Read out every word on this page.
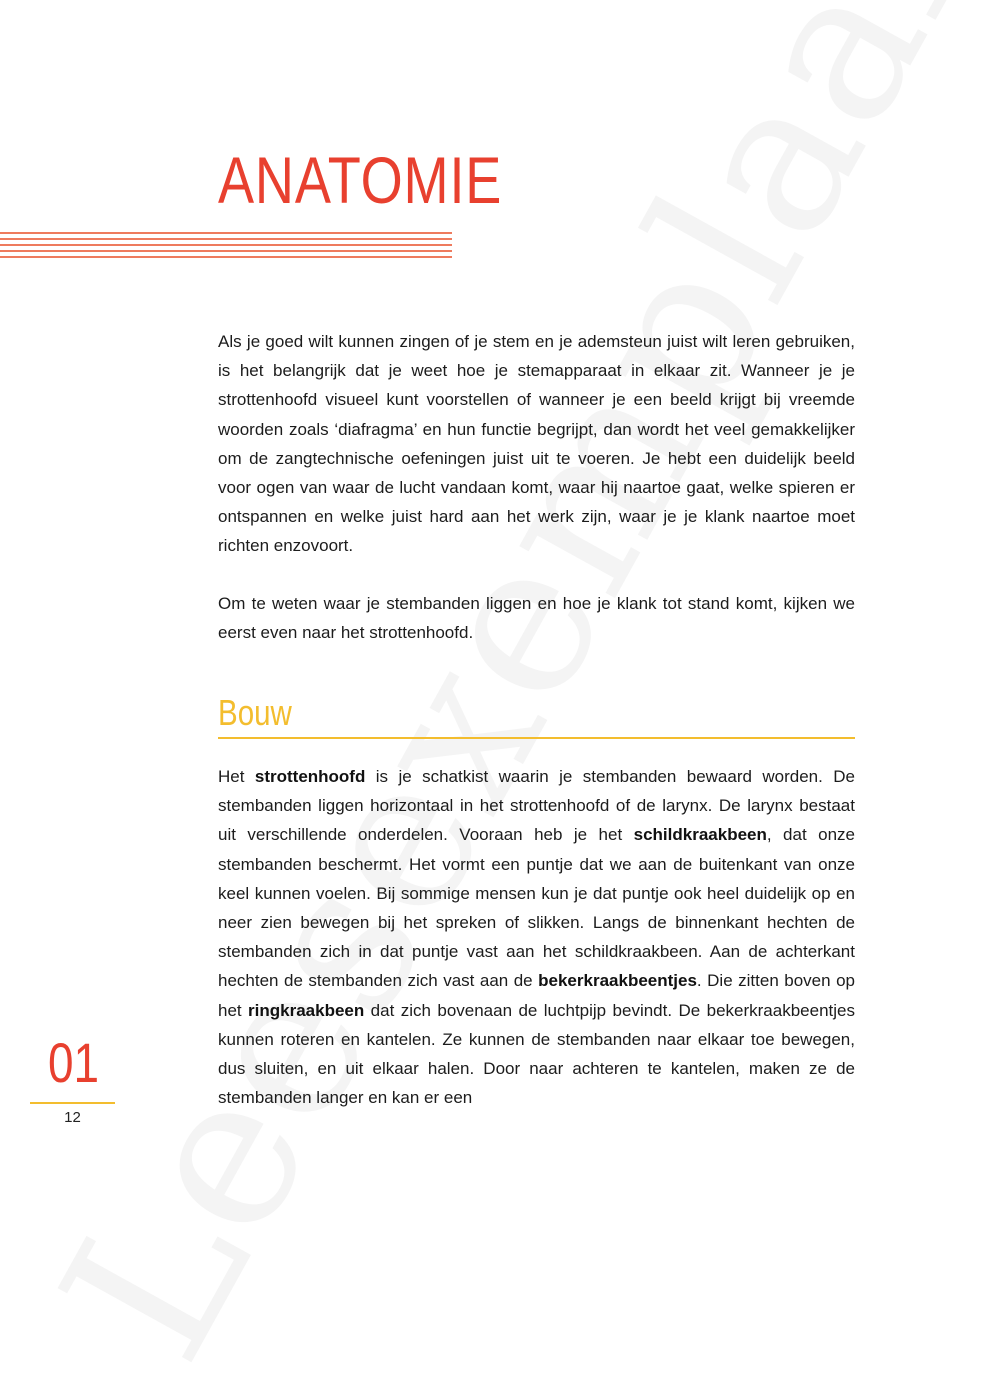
ANATOMIE

Als je goed wilt kunnen zingen of je stem en je ademsteun juist wilt leren gebruiken, is het belangrijk dat je weet hoe je stemapparaat in elkaar zit. Wanneer je je strottenhoofd visueel kunt voorstellen of wanneer je een beeld krijgt bij vreemde woorden zoals ‘diafragma’ en hun functie begrijpt, dan wordt het veel gemakkelijker om de zangtechnische oefeningen juist uit te voeren. Je hebt een duidelijk beeld voor ogen van waar de lucht vandaan komt, waar hij naartoe gaat, welke spieren er ontspannen en welke juist hard aan het werk zijn, waar je je klank naartoe moet richten enzovoort.

Om te weten waar je stembanden liggen en hoe je klank tot stand komt, kijken we eerst even naar het strottenhoofd.

Bouw

Het strottenhoofd is je schatkist waarin je stembanden bewaard worden. De stembanden liggen horizontaal in het strottenhoofd of de larynx. De larynx bestaat uit verschillende onderdelen. Vooraan heb je het schildkraakbeen, dat onze stembanden beschermt. Het vormt een puntje dat we aan de buitenkant van onze keel kunnen voelen. Bij sommige mensen kun je dat puntje ook heel duidelijk op en neer zien bewegen bij het spreken of slikken. Langs de binnenkant hechten de stembanden zich in dat puntje vast aan het schildkraakbeen. Aan de achterkant hechten de stembanden zich vast aan de bekerkraakbeentjes. Die zitten boven op het ringkraakbeen dat zich bovenaan de luchtpijp bevindt. De bekerkraakbeentjes kunnen roteren en kantelen. Ze kunnen de stembanden naar elkaar toe bewegen, dus sluiten, en uit elkaar halen. Door naar achteren te kantelen, maken ze de stembanden langer en kan er een

01
12
